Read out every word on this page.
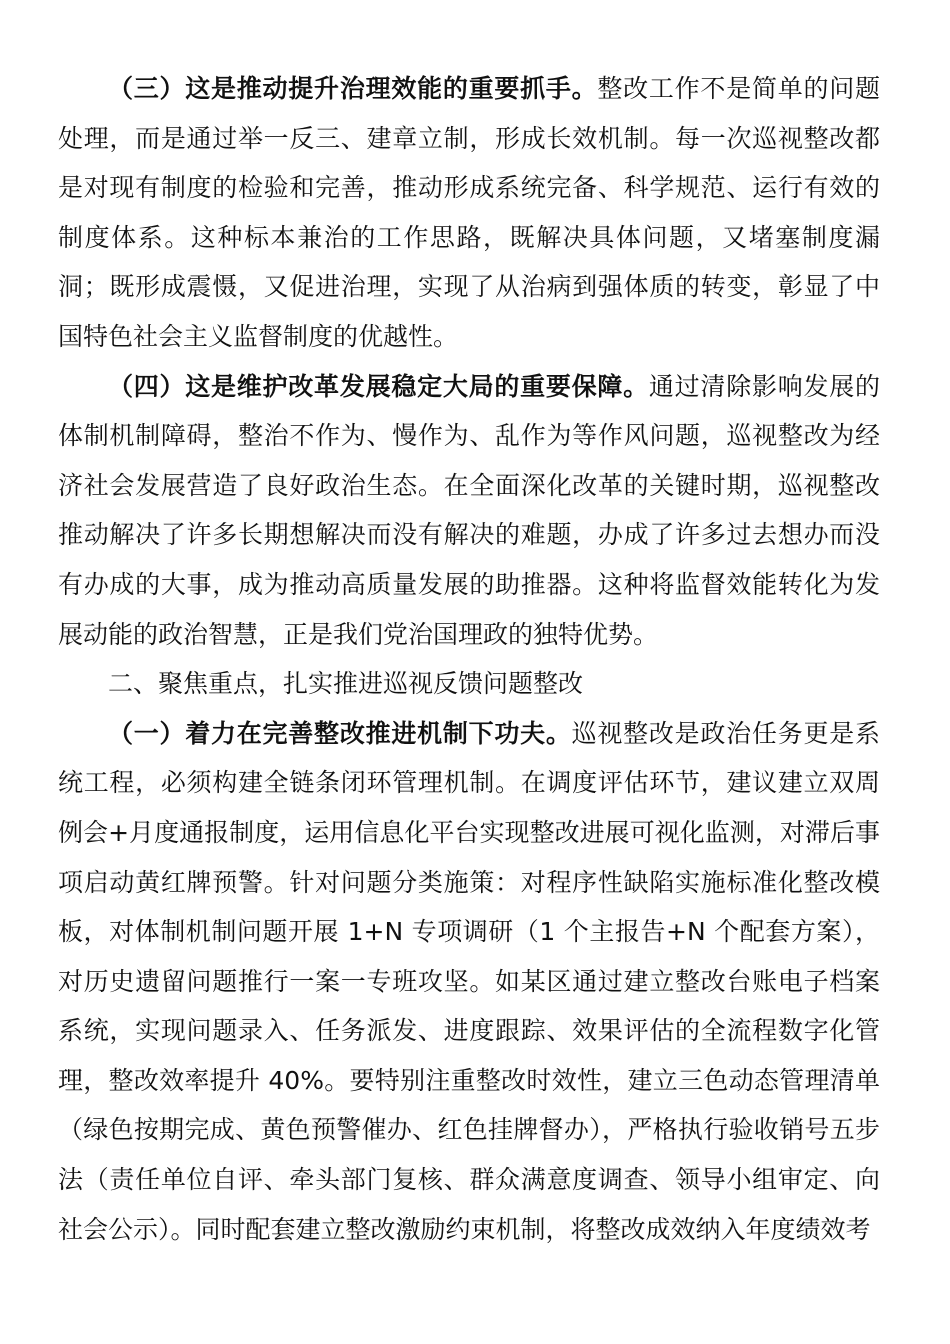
（三）这是推动提升治理效能的重要抓手。整改工作不是简单的问题处理，而是通过举一反三、建章立制，形成长效机制。每一次巡视整改都是对现有制度的检验和完善，推动形成系统完备、科学规范、运行有效的制度体系。这种标本兼治的工作思路，既解决具体问题，又堵塞制度漏洞；既形成震慑，又促进治理，实现了从治病到强体质的转变，彰显了中国特色社会主义监督制度的优越性。

（四）这是维护改革发展稳定大局的重要保障。通过清除影响发展的体制机制障碍，整治不作为、慢作为、乱作为等作风问题，巡视整改为经济社会发展营造了良好政治生态。在全面深化改革的关键时期，巡视整改推动解决了许多长期想解决而没有解决的难题，办成了许多过去想办而没有办成的大事，成为推动高质量发展的助推器。这种将监督效能转化为发展动能的政治智慧，正是我们党治国理政的独特优势。

二、聚焦重点，扎实推进巡视反馈问题整改

（一）着力在完善整改推进机制下功夫。巡视整改是政治任务更是系统工程，必须构建全链条闭环管理机制。在调度评估环节，建议建立双周例会+月度通报制度，运用信息化平台实现整改进展可视化监测，对滞后事项启动黄红牌预警。针对问题分类施策：对程序性缺陷实施标准化整改模板，对体制机制问题开展 1+N 专项调研（1 个主报告+N 个配套方案），对历史遗留问题推行一案一专班攻坚。如某区通过建立整改台账电子档案系统，实现问题录入、任务派发、进度跟踪、效果评估的全流程数字化管理，整改效率提升 40%。要特别注重整改时效性，建立三色动态管理清单（绿色按期完成、黄色预警催办、红色挂牌督办），严格执行验收销号五步法（责任单位自评、牵头部门复核、群众满意度调查、领导小组审定、向社会公示）。同时配套建立整改激励约束机制，将整改成效纳入年度绩效考
